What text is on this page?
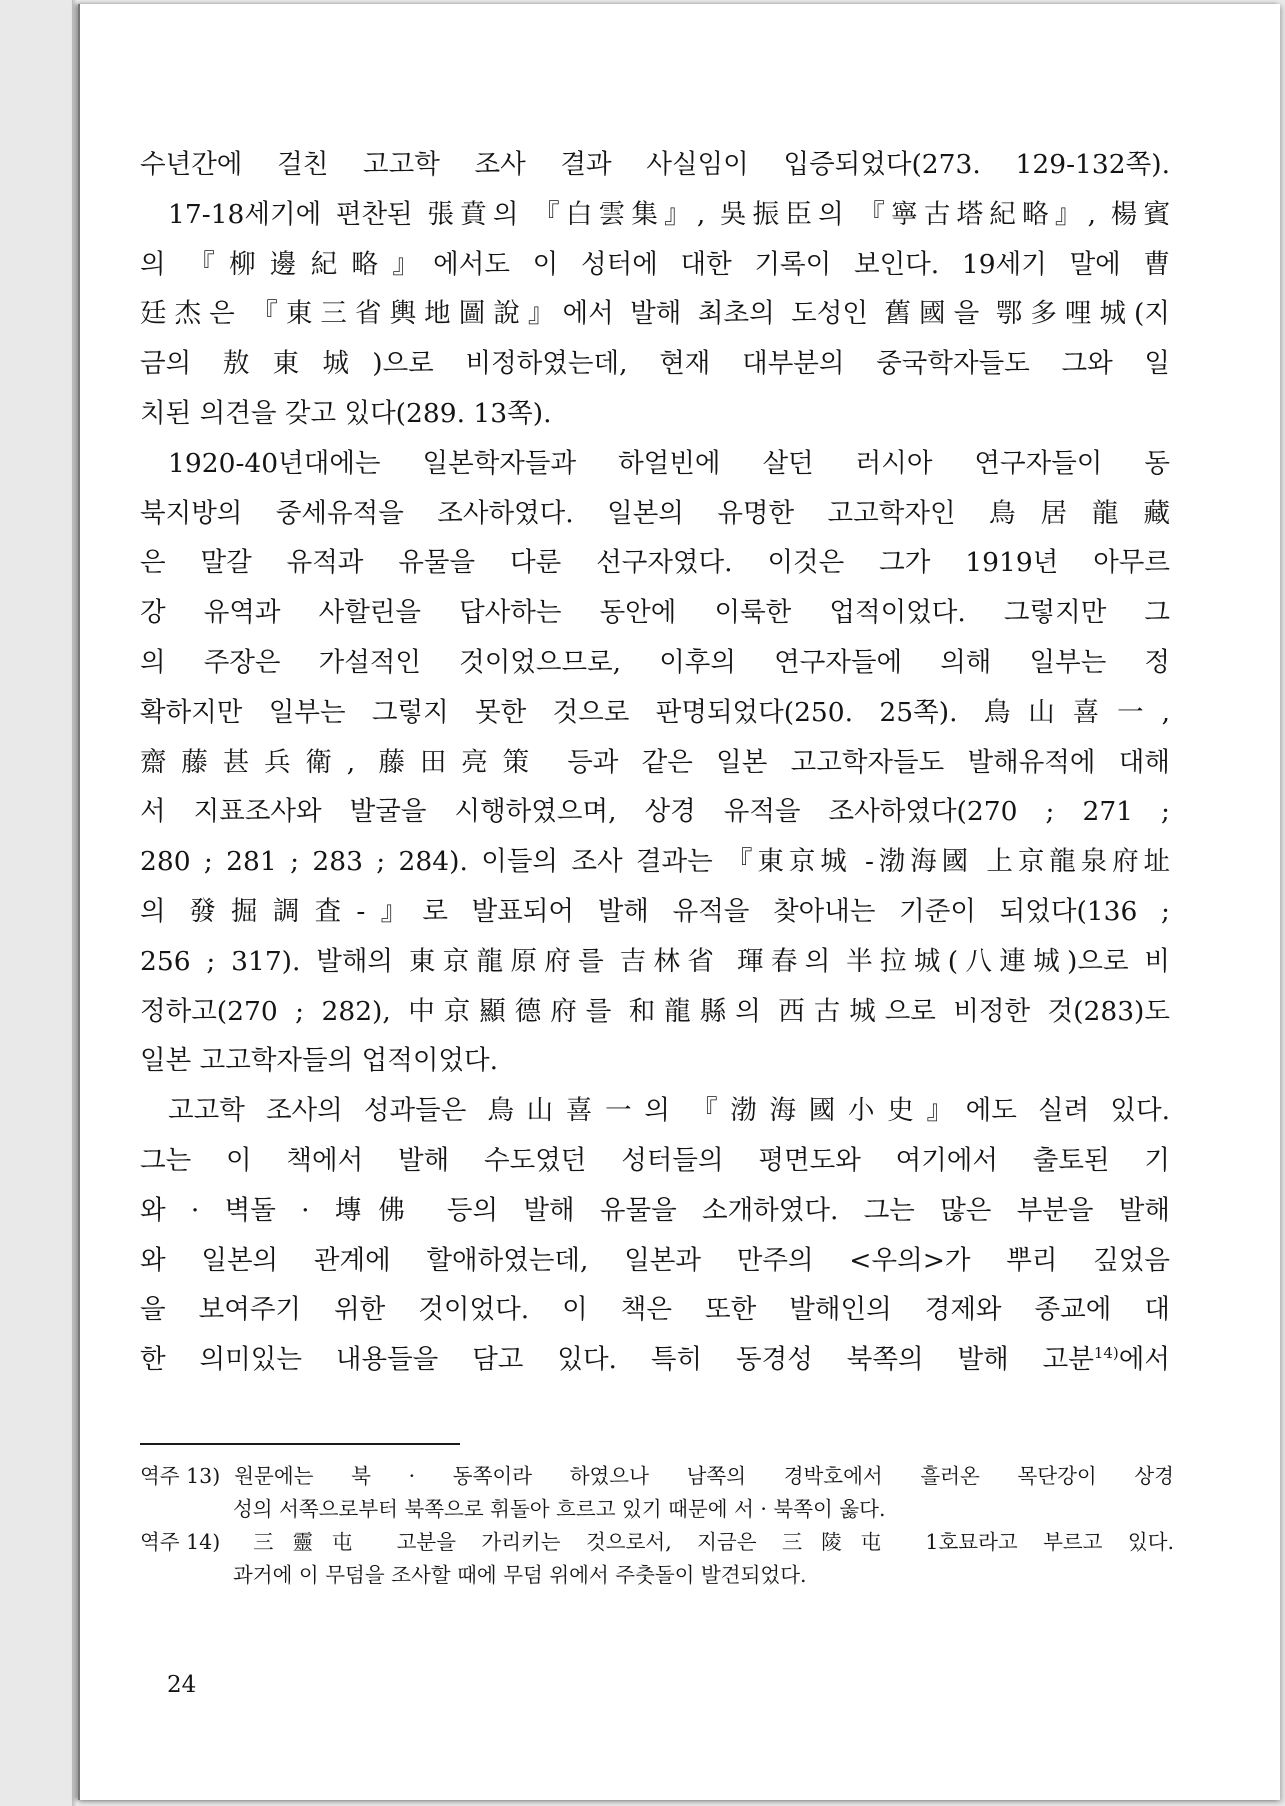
수년간에 걸친 고고학 조사 결과 사실임이 입증되었다(273. 129-132쪽).
17-18세기에 편찬된 張賁의 『白雲集』, 吳振臣의 『寧古塔紀略』, 楊賓
의 『柳邊紀略』에서도 이 성터에 대한 기록이 보인다. 19세기 말에 曹
廷杰은 『東三省輿地圖說』에서 발해 최초의 도성인 舊國을 鄂多哩城(지
금의 敖東城)으로 비정하였는데, 현재 대부분의 중국학자들도 그와 일
치된 의견을 갖고 있다(289. 13쪽).
1920-40년대에는 일본학자들과 하얼빈에 살던 러시아 연구자들이 동
북지방의 중세유적을 조사하였다. 일본의 유명한 고고학자인 鳥居龍藏
은 말갈 유적과 유물을 다룬 선구자였다. 이것은 그가 1919년 아무르
강 유역과 사할린을 답사하는 동안에 이룩한 업적이었다. 그렇지만 그
의 주장은 가설적인 것이었으므로, 이후의 연구자들에 의해 일부는 정
확하지만 일부는 그렇지 못한 것으로 판명되었다(250. 25쪽). 鳥山喜一,
齋藤甚兵衛, 藤田亮策 등과 같은 일본 고고학자들도 발해유적에 대해
서 지표조사와 발굴을 시행하였으며, 상경 유적을 조사하였다(270 ; 271 ;
280 ; 281 ; 283 ; 284). 이들의 조사 결과는 『東京城 -渤海國 上京龍泉府址
의 發掘調査-』로 발표되어 발해 유적을 찾아내는 기준이 되었다(136 ;
256 ; 317). 발해의 東京龍原府를 吉林省 琿春의 半拉城(八連城)으로 비
정하고(270 ; 282), 中京顯德府를 和龍縣의 西古城으로 비정한 것(283)도
일본 고고학자들의 업적이었다.
고고학 조사의 성과들은 鳥山喜一의 『渤海國小史』에도 실려 있다.
그는 이 책에서 발해 수도였던 성터들의 평면도와 여기에서 출토된 기
와 · 벽돌 · 塼佛 등의 발해 유물을 소개하였다. 그는 많은 부분을 발해
와 일본의 관계에 할애하였는데, 일본과 만주의 <우의>가 뿌리 깊었음
을 보여주기 위한 것이었다. 이 책은 또한 발해인의 경제와 종교에 대
한 의미있는 내용들을 담고 있다. 특히 동경성 북쪽의 발해 고분$^{14)}$에서
역주 13) 원문에는 북 · 동쪽이라 하였으나 남쪽의 경박호에서 흘러온 목단강이 상경
성의 서쪽으로부터 북쪽으로 휘돌아 흐르고 있기 때문에 서 · 북쪽이 옳다.
역주 14) 三靈屯 고분을 가리키는 것으로서, 지금은 三陵屯 1호묘라고 부르고 있다.
과거에 이 무덤을 조사할 때에 무덤 위에서 주춧돌이 발견되었다.
24
